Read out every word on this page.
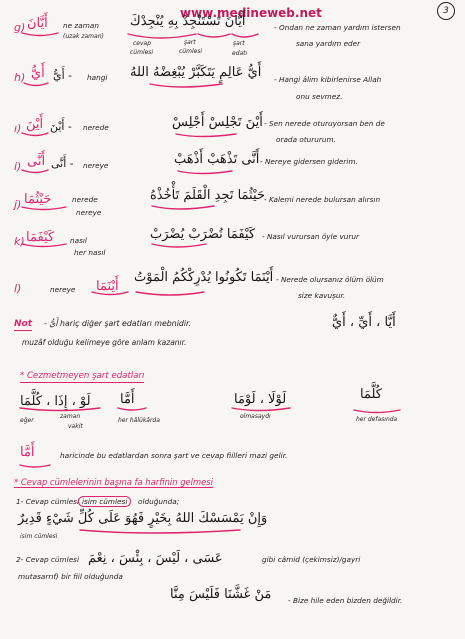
www.medineweb.net	3
g) أَيَّانَ ne zaman
(uzak zaman)
أَيَّانَ تَسْتَنْجِدْ بِهِ يُنْجِدْكَ	- Ondan ne zaman yardım istersen
sana yardım eder
cevap
cümlesi
şart
cümlesi
şart
edatı
h) أَيُّ - أَيُّ hangi أَيُّ عَالِمٍ يَتَكَبَّرْ يُبْغِضْهُ اللهُ - Hangi âlim kibirlenirse Allah
onu sevmez.
ı) أَيْنَ - أَيْنَ nerede	أَيْنَ تَجْلِسْ أَجْلِسْ - Sen nerede oturuyorsan ben de
orada otururum.
i) أَنَّى - أَنَّى nereye	أَنَّى تَذْهَبْ أَذْهَبْ - Nereye gidersen giderim.
j) حَيْثُمَا	nerede
nereye
حَيْثُمَا تَجِدِ الْقَلَمَ تَأْخُذْهُ - Kalemi nerede bulursan alırsın
k) كَيْفَمَا nasıl
her nasıl
كَيْفَمَا تُضْرَبْ يُضْرَبْ - Nasıl vurursan öyle vurur
l)	nereye أَيْنَمَا
أَيْنَمَا تَكُونُوا يُدْرِكْكُمُ الْمَوْتُ - Nerede olursanız ölüm ölüm
size kavuşur.
Not - أَيُّ hariç diğer şart edatları mebnidir.	أَيَّا ، أَيِّ ، أَيٌّ
muzâf olduğu kelimeye göre anlam kazanır.
* Cezmetmeyen şart edatları
لَوْ ، إِذَا ، كُلَّمَا
eğer
zaman
vakit
أَمَّا
her hâlükârda
لَوْلَا ، لَوْمَا
olmasaydı
كُلَّمَا
her defasında
أَمَّا	haricinde bu edatlardan sonra şart ve cevap fiilleri mazi gelir.
* Cevap cümlelerinin başına fa harfinin gelmesi
1- Cevap cümlesi isim cümlesi	olduğunda;
وَإِنْ يَمْسَسْكَ اللهُ بِخَيْرٍ فَهُوَ عَلَى كُلِّ شَيْءٍ قَدِيرٌ
isim cümlesi
2- Cevap cümlesi عَسَى ، لَيْسَ ، بِئْسَ ، نِعْمَ	gibi câmid (çekimsiz)/gayri
mutasarrıf) bir fiil olduğunda
مَنْ غَشَّنَا فَلَيْسَ مِنَّا - Bize hile eden bizden değildir.
